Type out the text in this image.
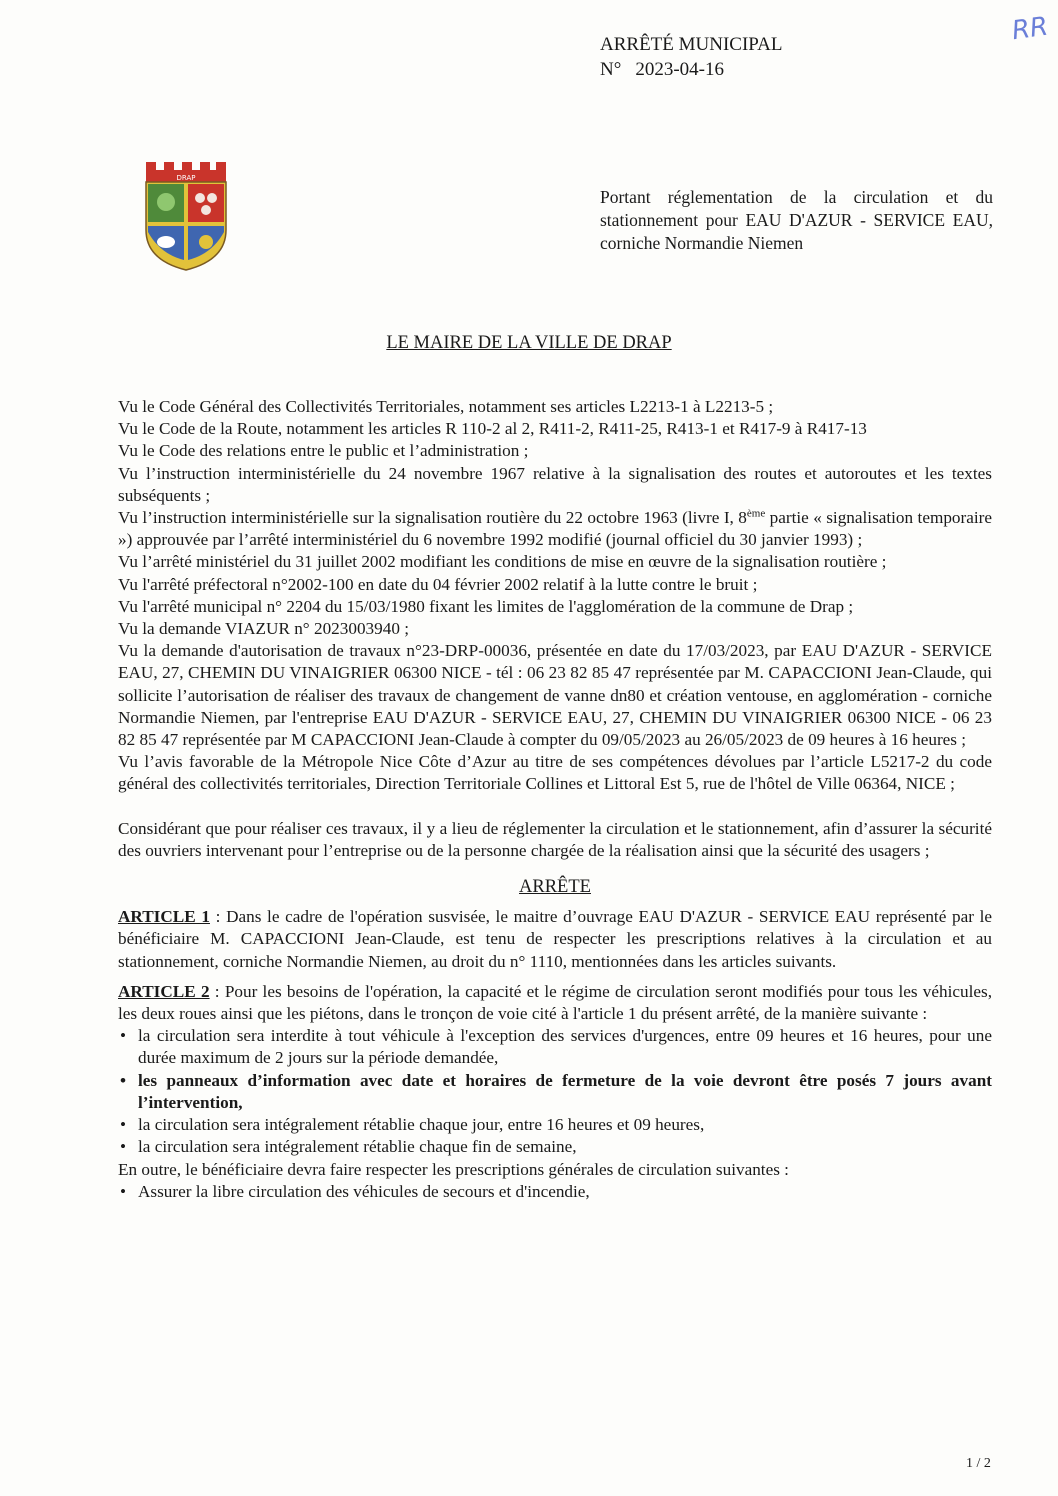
RR
ARRÊTÉ MUNICIPAL
N° 2023-04-16
DRAP
Portant réglementation de la circulation et du stationnement pour EAU D'AZUR - SERVICE EAU, corniche Normandie Niemen
LE MAIRE DE LA VILLE DE DRAP

Vu le Code Général des Collectivités Territoriales, notamment ses articles L2213-1 à L2213-5 ;

Vu le Code de la Route, notamment les articles R 110-2 al 2, R411-2, R411-25, R413-1 et R417-9 à R417-13

Vu le Code des relations entre le public et l’administration ;

Vu l’instruction interministérielle du 24 novembre 1967 relative à la signalisation des routes et autoroutes et les textes subséquents ;

Vu l’instruction interministérielle sur la signalisation routière du 22 octobre 1963 (livre I, 8ème partie « signalisation temporaire ») approuvée par l’arrêté interministériel du 6 novembre 1992 modifié (journal officiel du 30 janvier 1993) ;

Vu l’arrêté ministériel du 31 juillet 2002 modifiant les conditions de mise en œuvre de la signalisation routière ;

Vu l'arrêté préfectoral n°2002-100 en date du 04 février 2002 relatif à la lutte contre le bruit ;

Vu l'arrêté municipal n° 2204 du 15/03/1980 fixant les limites de l'agglomération de la commune de Drap ;

Vu la demande VIAZUR n° 2023003940 ;

Vu la demande d'autorisation de travaux n°23-DRP-00036, présentée en date du 17/03/2023, par EAU D'AZUR - SERVICE EAU, 27, CHEMIN DU VINAIGRIER 06300 NICE - tél : 06 23 82 85 47 représentée par M. CAPACCIONI Jean-Claude, qui sollicite l’autorisation de réaliser des travaux de changement de vanne dn80 et création ventouse, en agglomération - corniche Normandie Niemen, par l'entreprise EAU D'AZUR - SERVICE EAU, 27, CHEMIN DU VINAIGRIER 06300 NICE - 06 23 82 85 47 représentée par M CAPACCIONI Jean-Claude à compter du 09/05/2023 au 26/05/2023 de 09 heures à 16 heures ;

Vu l’avis favorable de la Métropole Nice Côte d’Azur au titre de ses compétences dévolues par l’article L5217-2 du code général des collectivités territoriales, Direction Territoriale Collines et Littoral Est 5, rue de l'hôtel de Ville 06364, NICE ;

Considérant que pour réaliser ces travaux, il y a lieu de réglementer la circulation et le stationnement, afin d’assurer la sécurité des ouvriers intervenant pour l’entreprise ou de la personne chargée de la réalisation ainsi que la sécurité des usagers ;

ARRÊTE

ARTICLE 1 : Dans le cadre de l'opération susvisée, le maitre d’ouvrage EAU D'AZUR - SERVICE EAU représenté par le bénéficiaire M. CAPACCIONI Jean-Claude, est tenu de respecter les prescriptions relatives à la circulation et au stationnement, corniche Normandie Niemen, au droit du n° 1110, mentionnées dans les articles suivants.

ARTICLE 2 : Pour les besoins de l'opération, la capacité et le régime de circulation seront modifiés pour tous les véhicules, les deux roues ainsi que les piétons, dans le tronçon de voie cité à l'article 1 du présent arrêté, de la manière suivante :

• la circulation sera interdite à tout véhicule à l'exception des services d'urgences, entre 09 heures et 16 heures, pour une durée maximum de 2 jours sur la période demandée,
• les panneaux d’information avec date et horaires de fermeture de la voie devront être posés 7 jours avant l’intervention,
• la circulation sera intégralement rétablie chaque jour, entre 16 heures et 09 heures,
• la circulation sera intégralement rétablie chaque fin de semaine,

En outre, le bénéficiaire devra faire respecter les prescriptions générales de circulation suivantes :

• Assurer la libre circulation des véhicules de secours et d'incendie,
1 / 2
